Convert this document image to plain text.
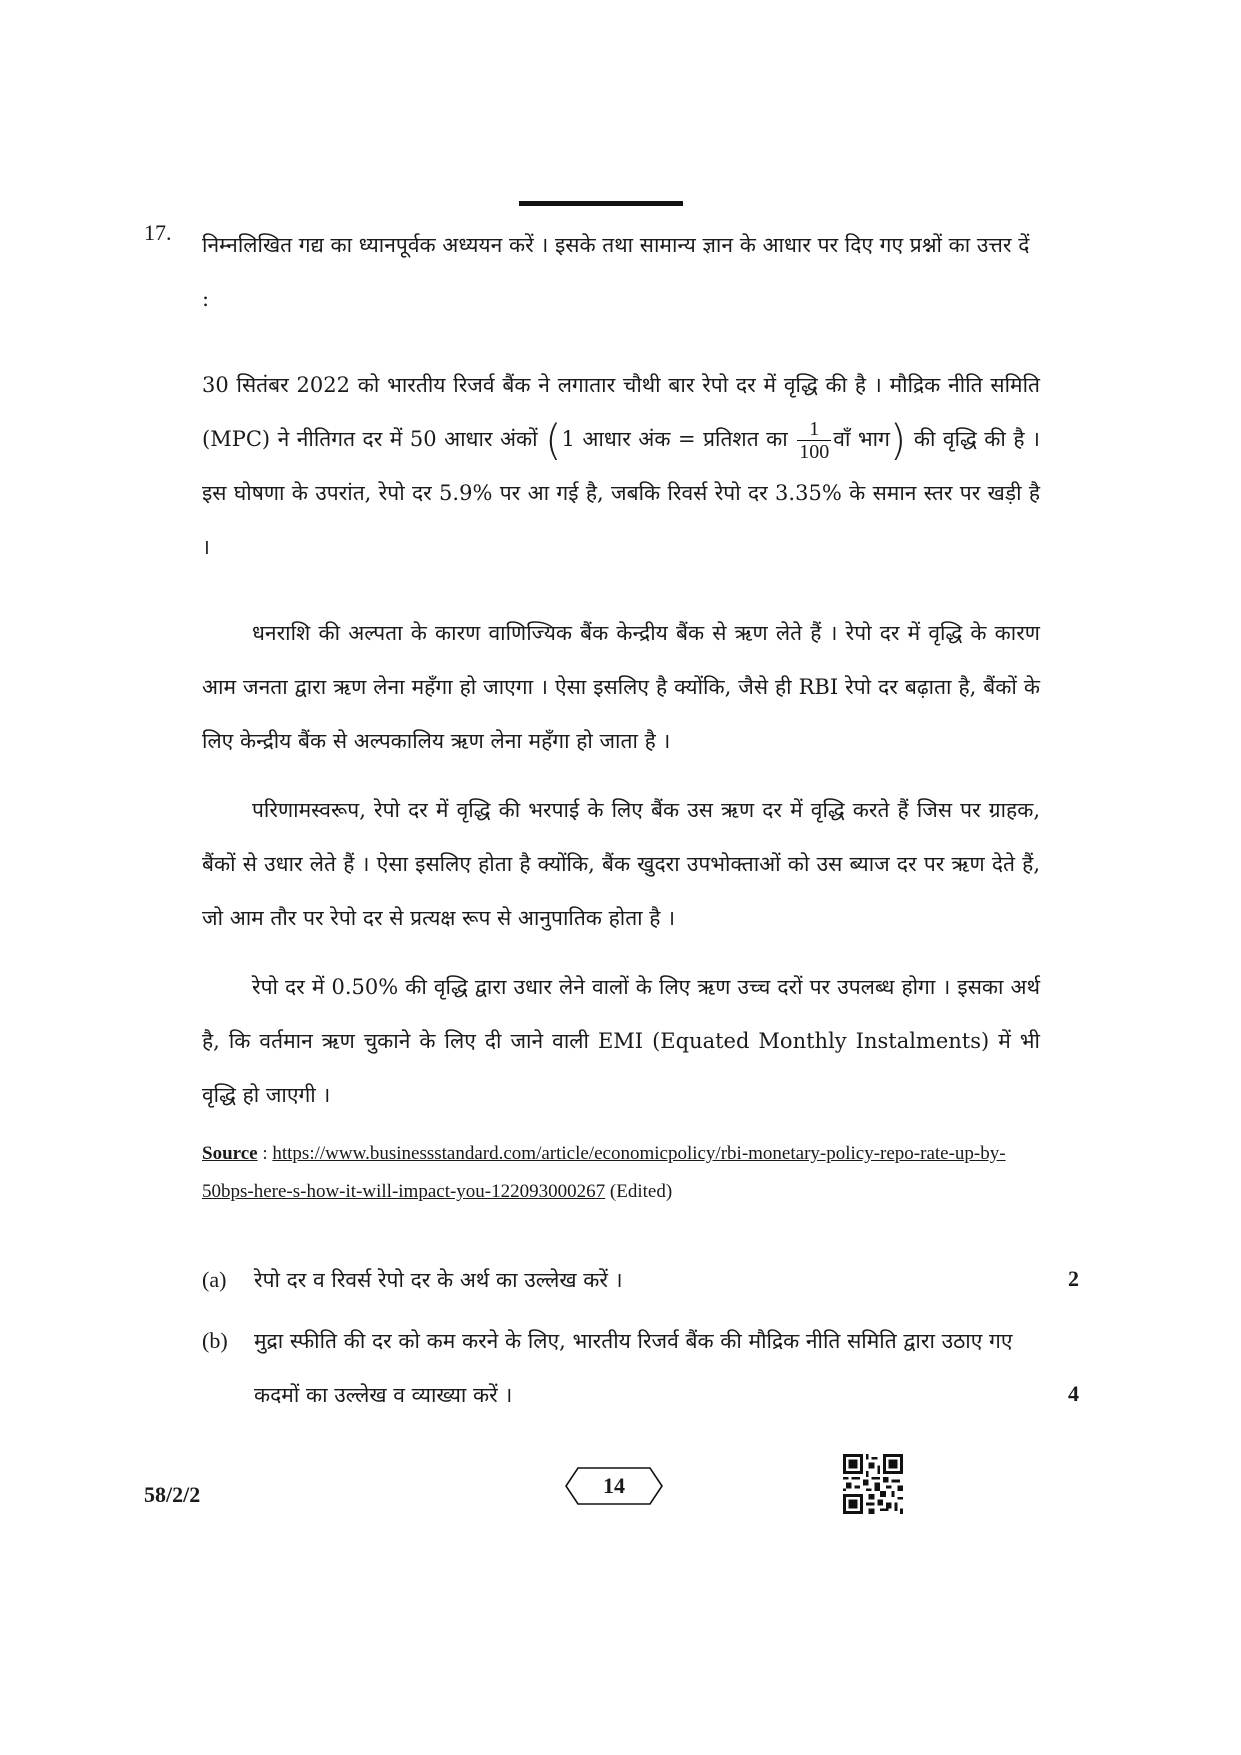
17. निम्नलिखित गद्य का ध्यानपूर्वक अध्ययन करें । इसके तथा सामान्य ज्ञान के आधार पर दिए गए प्रश्नों का उत्तर दें :
30 सितंबर 2022 को भारतीय रिजर्व बैंक ने लगातार चौथी बार रेपो दर में वृद्धि की है । मौद्रिक नीति समिति (MPC) ने नीतिगत दर में 50 आधार अंकों (1 आधार अंक = प्रतिशत का $\frac{1}{100}$ वाँ भाग) की वृद्धि की है । इस घोषणा के उपरांत, रेपो दर 5.9% पर आ गई है, जबकि रिवर्स रेपो दर 3.35% के समान स्तर पर खड़ी है ।
धनराशि की अल्पता के कारण वाणिज्यिक बैंक केन्द्रीय बैंक से ऋण लेते हैं । रेपो दर में वृद्धि के कारण आम जनता द्वारा ऋण लेना महँगा हो जाएगा । ऐसा इसलिए है क्योंकि, जैसे ही RBI रेपो दर बढ़ाता है, बैंकों के लिए केन्द्रीय बैंक से अल्पकालिय ऋण लेना महँगा हो जाता है ।
परिणामस्वरूप, रेपो दर में वृद्धि की भरपाई के लिए बैंक उस ऋण दर में वृद्धि करते हैं जिस पर ग्राहक, बैंकों से उधार लेते हैं । ऐसा इसलिए होता है क्योंकि, बैंक खुदरा उपभोक्ताओं को उस ब्याज दर पर ऋण देते हैं, जो आम तौर पर रेपो दर से प्रत्यक्ष रूप से आनुपातिक होता है ।
रेपो दर में 0.50% की वृद्धि द्वारा उधार लेने वालों के लिए ऋण उच्च दरों पर उपलब्ध होगा । इसका अर्थ है, कि वर्तमान ऋण चुकाने के लिए दी जाने वाली EMI (Equated Monthly Instalments) में भी वृद्धि हो जाएगी ।
Source : https://www.businessstandard.com/article/economicpolicy/rbi-monetary-policy-repo-rate-up-by-50bps-here-s-how-it-will-impact-you-122093000267 (Edited)
(a) रेपो दर व रिवर्स रेपो दर के अर्थ का उल्लेख करें ।	2
(b) मुद्रा स्फीति की दर को कम करने के लिए, भारतीय रिजर्व बैंक की मौद्रिक नीति समिति द्वारा उठाए गए कदमों का उल्लेख व व्याख्या करें ।	4
58/2/2	14
